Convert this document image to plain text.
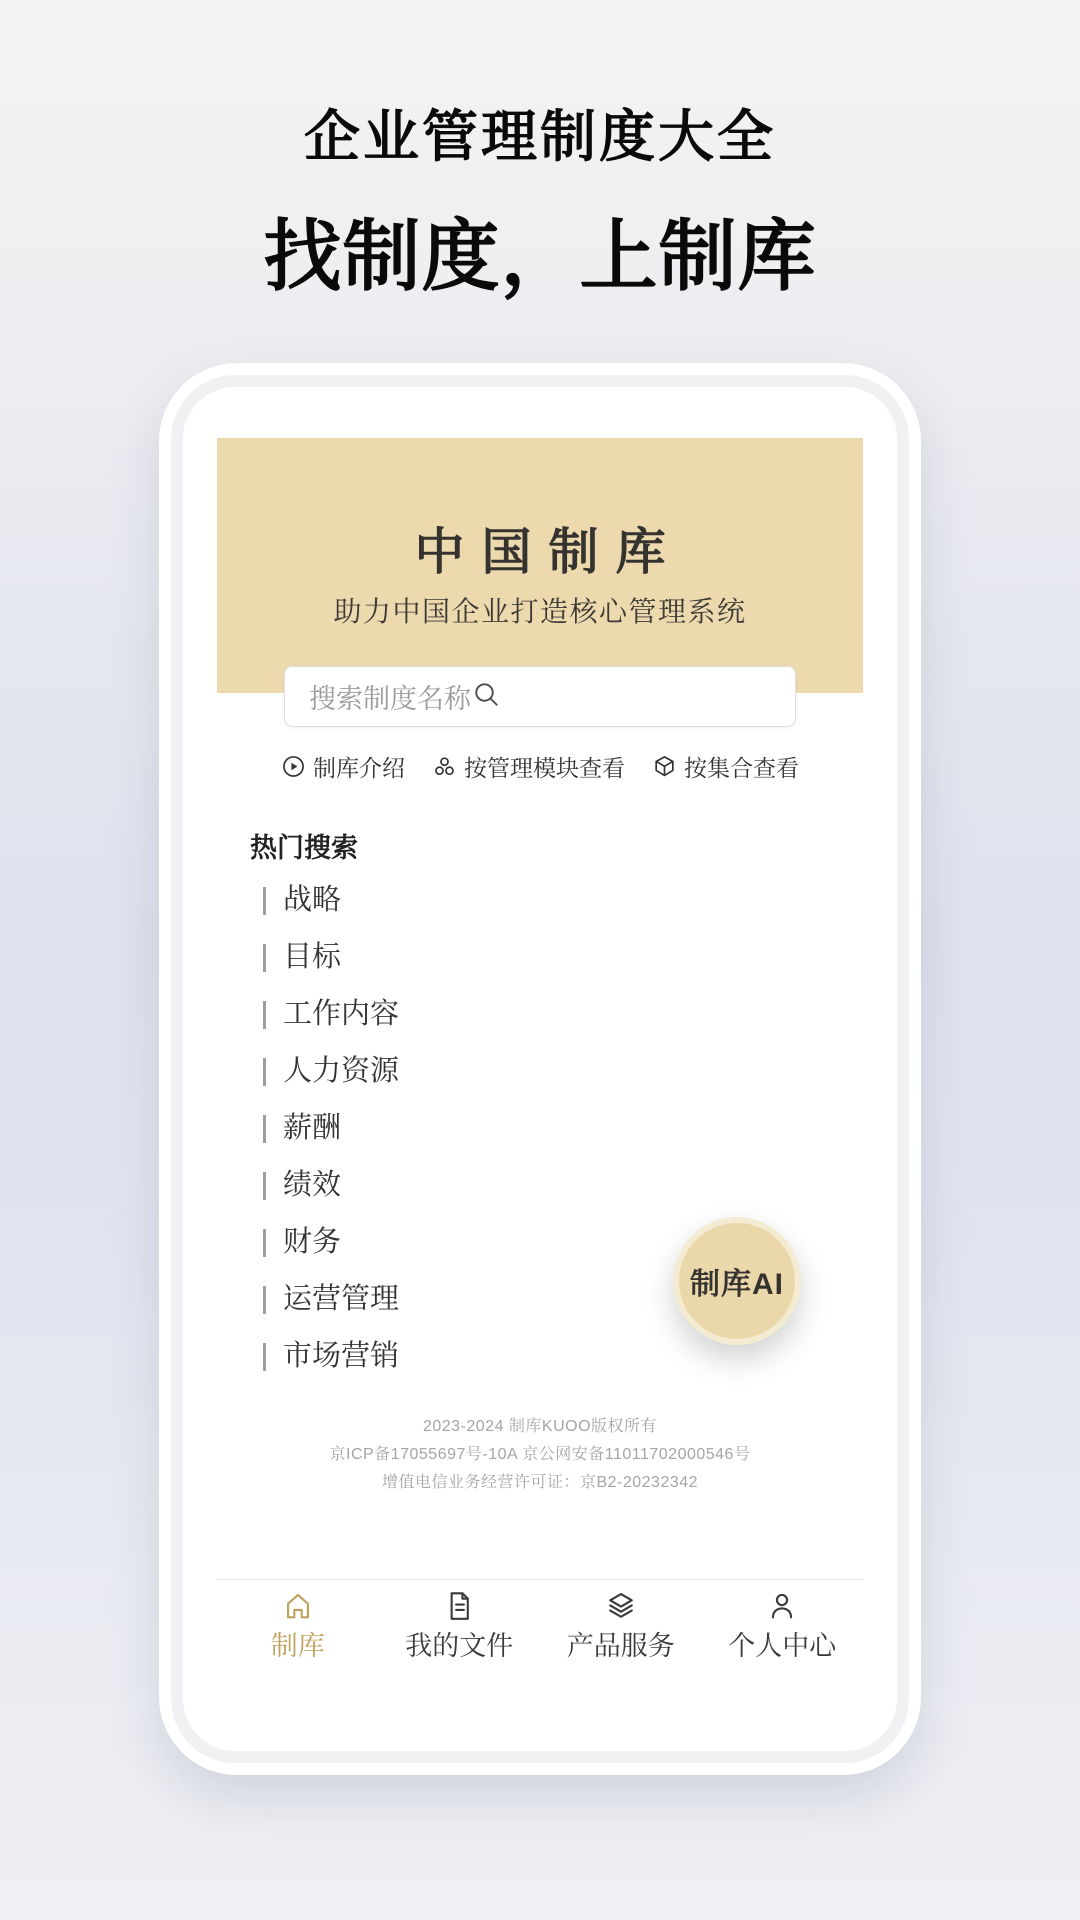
企业管理制度大全
找制度，上制库
中国制库
助力中国企业打造核心管理系统
搜索制度名称
制库介绍	按管理模块查看	按集合查看
热门搜索
战略
目标
工作内容
人力资源
薪酬
绩效
财务
运营管理
市场营销
2023-2024 制库KUOO版权所有
京ICP备17055697号-10A 京公网安备11011702000546号
增值电信业务经营许可证：京B2-20232342
制库	我的文件 产品服务 个人中心
制库AI
